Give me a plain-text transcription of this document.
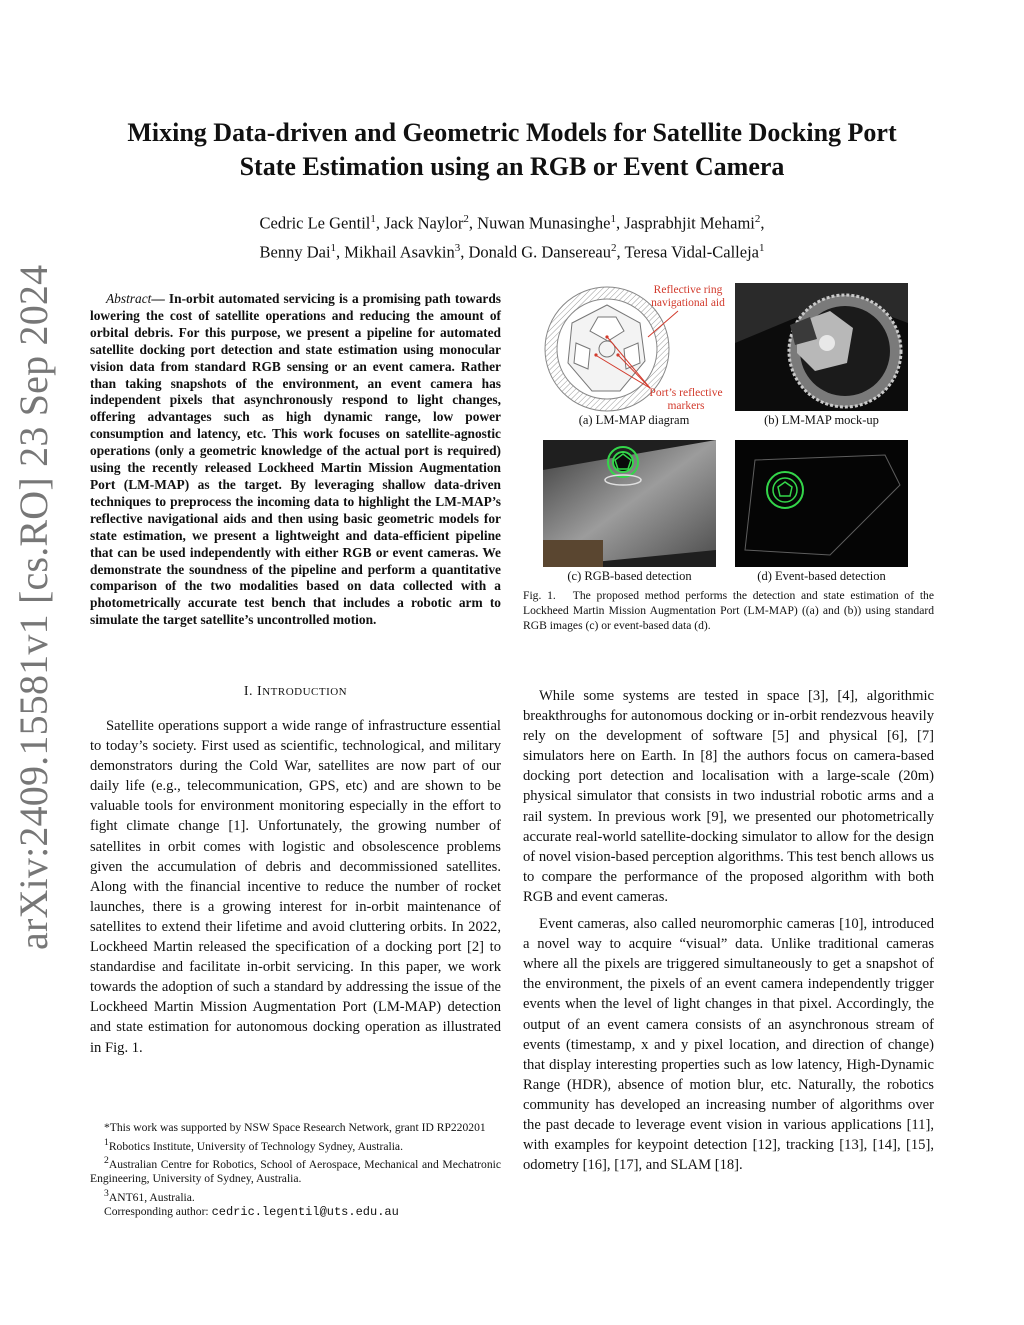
arXiv:2409.15581v1 [cs.RO] 23 Sep 2024
Mixing Data-driven and Geometric Models for Satellite Docking Port
State Estimation using an RGB or Event Camera
Cedric Le Gentil$^1$, Jack Naylor$^2$, Nuwan Munasinghe$^1$, Jasprabhjit Mehami$^2$,
Benny Dai$^1$, Mikhail Asavkin$^3$, Donald G. Dansereau$^2$, Teresa Vidal-Calleja$^1$

Abstract— In-orbit automated servicing is a promising path towards lowering the cost of satellite operations and reducing the amount of orbital debris. For this purpose, we present a pipeline for automated satellite docking port detection and state estimation using monocular vision data from standard RGB sensing or an event camera. Rather than taking snapshots of the environment, an event camera has independent pixels that asynchronously respond to light changes, offering advantages such as high dynamic range, low power consumption and latency, etc. This work focuses on satellite-agnostic operations (only a geometric knowledge of the actual port is required) using the recently released Lockheed Martin Mission Augmentation Port (LM-MAP) as the target. By leveraging shallow data-driven techniques to preprocess the incoming data to highlight the LM-MAP’s reflective navigational aids and then using basic geometric models for state estimation, we present a lightweight and data-efficient pipeline that can be used independently with either RGB or event cameras. We demonstrate the soundness of the pipeline and perform a quantitative comparison of the two modalities based on data collected with a photometrically accurate test bench that includes a robotic arm to simulate the target satellite’s uncontrolled motion.

I. INTRODUCTION

Satellite operations support a wide range of infrastructure essential to today’s society. First used as scientific, technological, and military demonstrators during the Cold War, satellites are now part of our daily life (e.g., telecommunication, GPS, etc) and are shown to be valuable tools for environment monitoring especially in the effort to fight climate change [1]. Unfortunately, the growing number of satellites in orbit comes with logistic and obsolescence problems given the accumulation of debris and decommissioned satellites. Along with the financial incentive to reduce the number of rocket launches, there is a growing interest for in-orbit maintenance of satellites to extend their lifetime and avoid cluttering orbits. In 2022, Lockheed Martin released the specification of a docking port [2] to standardise and facilitate in-orbit servicing. In this paper, we work towards the adoption of such a standard by addressing the issue of the Lockheed Martin Mission Augmentation Port (LM-MAP) detection and state estimation for autonomous docking operation as illustrated in Fig. 1.

*This work was supported by NSW Space Research Network, grant ID RP220201

$^1$Robotics Institute, University of Technology Sydney, Australia.

$^2$Australian Centre for Robotics, School of Aerospace, Mechanical and Mechatronic Engineering, University of Sydney, Australia.

$^3$ANT61, Australia.

Corresponding author: cedric.legentil@uts.edu.au

Reflective ring
navigational aid
Port’s reflective
markers
(a) LM-MAP diagram	(b) LM-MAP mock-up
(c) RGB-based detection	(d) Event-based detection
Fig. 1. The proposed method performs the detection and state estimation of the Lockheed Martin Mission Augmentation Port (LM-MAP) ((a) and (b)) using standard RGB images (c) or event-based data (d).

While some systems are tested in space [3], [4], algorithmic breakthroughs for autonomous docking or in-orbit rendezvous heavily rely on the development of software [5] and physical [6], [7] simulators here on Earth. In [8] the authors focus on camera-based docking port detection and localisation with a large-scale (20m) physical simulator that consists in two industrial robotic arms and a rail system. In previous work [9], we presented our photometrically accurate real-world satellite-docking simulator to allow for the design of novel vision-based perception algorithms. This test bench allows us to compare the performance of the proposed algorithm with both RGB and event cameras.

Event cameras, also called neuromorphic cameras [10], introduced a novel way to acquire “visual” data. Unlike traditional cameras where all the pixels are triggered simultaneously to get a snapshot of the environment, the pixels of an event camera independently trigger events when the level of light changes in that pixel. Accordingly, the output of an event camera consists of an asynchronous stream of events (timestamp, x and y pixel location, and direction of change) that display interesting properties such as low latency, High-Dynamic Range (HDR), absence of motion blur, etc. Naturally, the robotics community has developed an increasing number of algorithms over the past decade to leverage event vision in various applications [11], with examples for keypoint detection [12], tracking [13], [14], [15], odometry [16], [17], and SLAM [18].
